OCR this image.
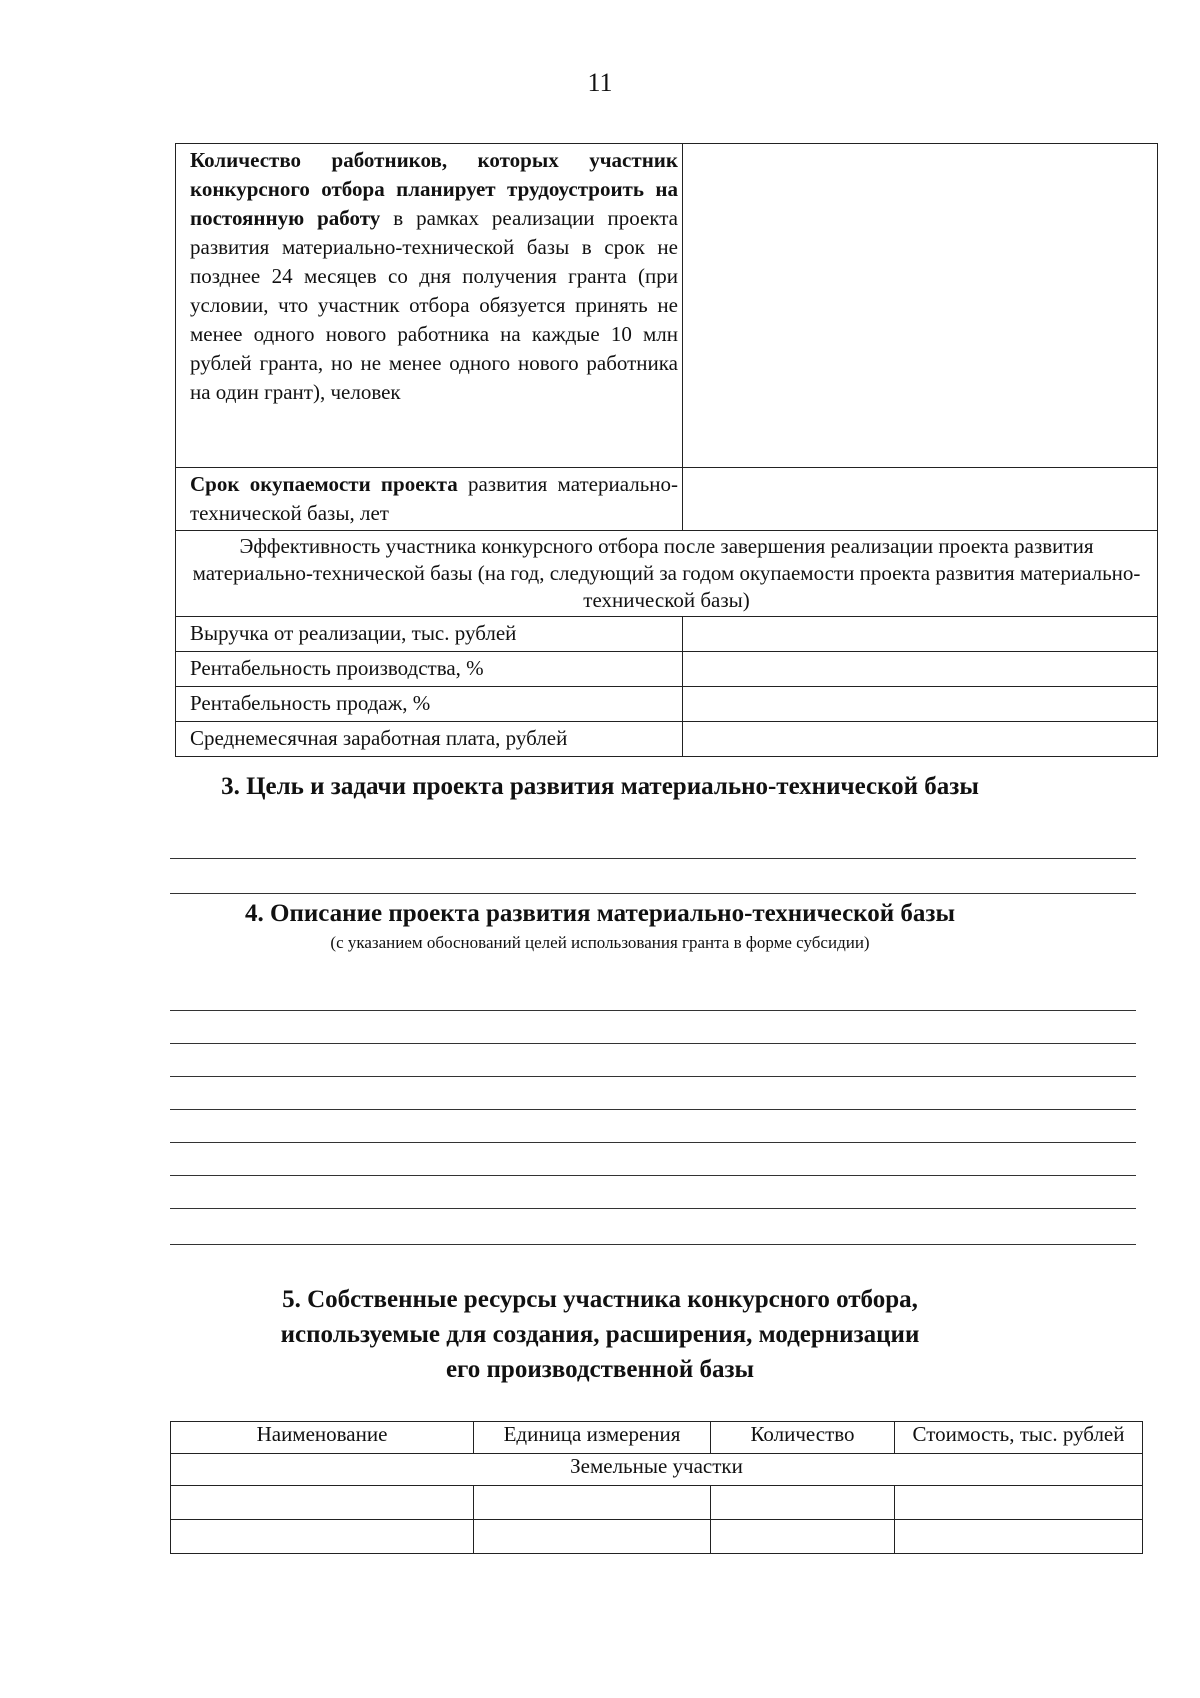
11
Количество работников, которых участник конкурсного отбора планирует трудоустроить на постоянную работу в рамках реализации проекта развития материально-технической базы в срок не позднее 24 месяцев со дня получения гранта (при условии, что участник отбора обязуется принять не менее одного нового работника на каждые 10 млн рублей гранта, но не менее одного нового работника на один грант), человек	
Срок окупаемости проекта развития материально-технической базы, лет	
Эффективность участника конкурсного отбора после завершения реализации проекта развития материально-технической базы (на год, следующий за годом окупаемости проекта развития материально-технической базы)	
Выручка от реализации, тыс. рублей	
Рентабельность производства, %	
Рентабельность продаж, %	
Среднемесячная заработная плата, рублей	
3. Цель и задачи проекта развития материально-технической базы
4. Описание проекта развития материально-технической базы
(с указанием обоснований целей использования гранта в форме субсидии)
5. Собственные ресурсы участника конкурсного отбора,
используемые для создания, расширения, модернизации
его производственной базы
Наименование	Единица измерения	Количество	Стоимость, тыс. рублей
Земельные участки			
